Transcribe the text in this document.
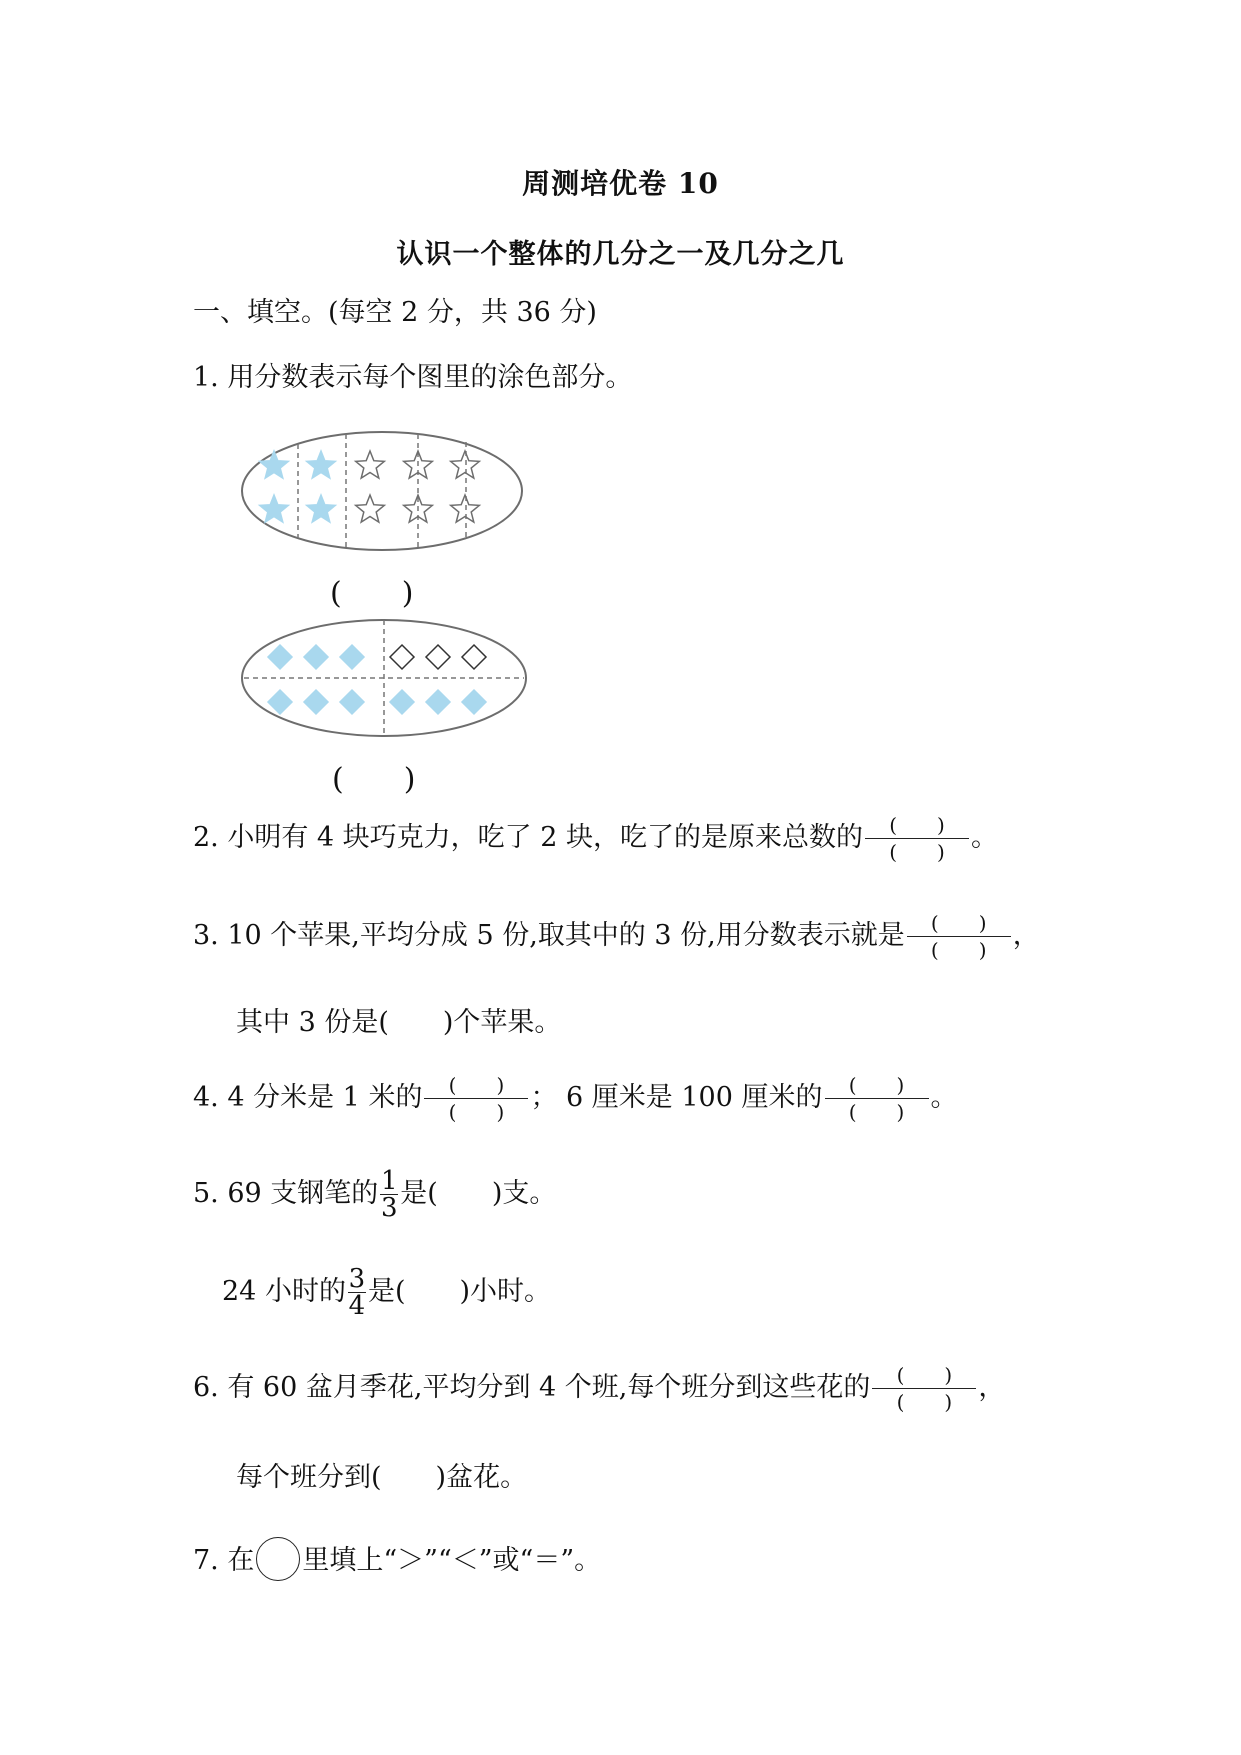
周测培优卷 10
认识一个整体的几分之一及几分之几
一、填空。(每空 2 分，共 36 分)
1. 用分数表示每个图里的涂色部分。
(　　)
(　　)
2. 小明有 4 块巧克力，吃了 2 块，吃了的是原来总数的 $\frac{( )}{( )}$ 。
3. 10 个苹果,平均分成 5 份,取其中的 3 份,用分数表示就是 $\frac{( )}{( )}$ ，
其中 3 份是(　　)个苹果。
4. 4 分米是 1 米的 $\frac{( )}{( )}$ ； 6 厘米是 100 厘米的 $\frac{( )}{( )}$ 。
5. 69 支钢笔的 $\frac{1}{3}$ 是(　　)支。
24 小时的 $\frac{3}{4}$ 是(　　)小时。
6. 有 60 盆月季花,平均分到 4 个班,每个班分到这些花的 $\frac{( )}{( )}$ ，
每个班分到(　　)盆花。
7. 在 里填上“＞”“＜”或“＝”。
